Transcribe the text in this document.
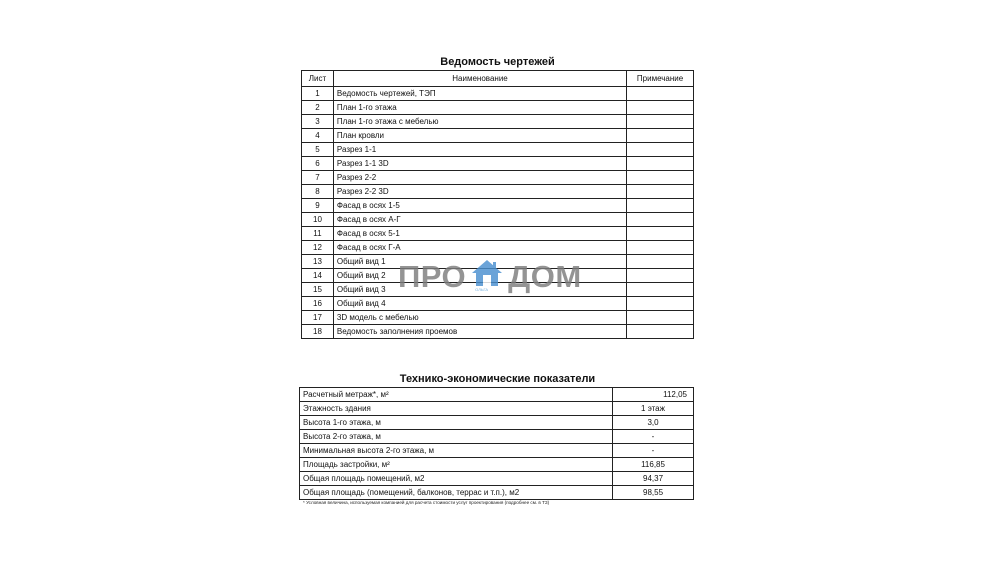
Ведомость чертежей
Лист	Наименование	Примечание
1	Ведомость чертежей, ТЭП	
2	План 1-го этажа	
3	План 1-го этажа с мебелью	
4	План кровли	
5	Разрез 1-1	
6	Разрез 1-1 3D	
7	Разрез 2-2	
8	Разрез 2-2 3D	
9	Фасад в осях 1-5	
10	Фасад в осях А-Г	
11	Фасад в осях 5-1	
12	Фасад в осях Г-А	
13	Общий вид 1	
14	Общий вид 2	
15	Общий вид 3	
16	Общий вид 4	
17	3D модель с мебелью	
18	Ведомость заполнения проемов	
Технико-экономические показатели
Расчетный метраж*, м²	112,05
Этажность здания	1 этаж
Высота 1-го этажа, м	3,0
Высота 2-го этажа, м	-
Минимальная высота 2-го этажа, м	-
Площадь застройки, м²	116,85
Общая площадь помещений, м2	94,37
Общая площадь (помещений, балконов, террас и т.п.), м2	98,55
* Условная величина, используемая компанией для расчета стоимости услуг проектирования (подробнее см. в ТЗ)
ПРО ОЛЬГА ДОМ
